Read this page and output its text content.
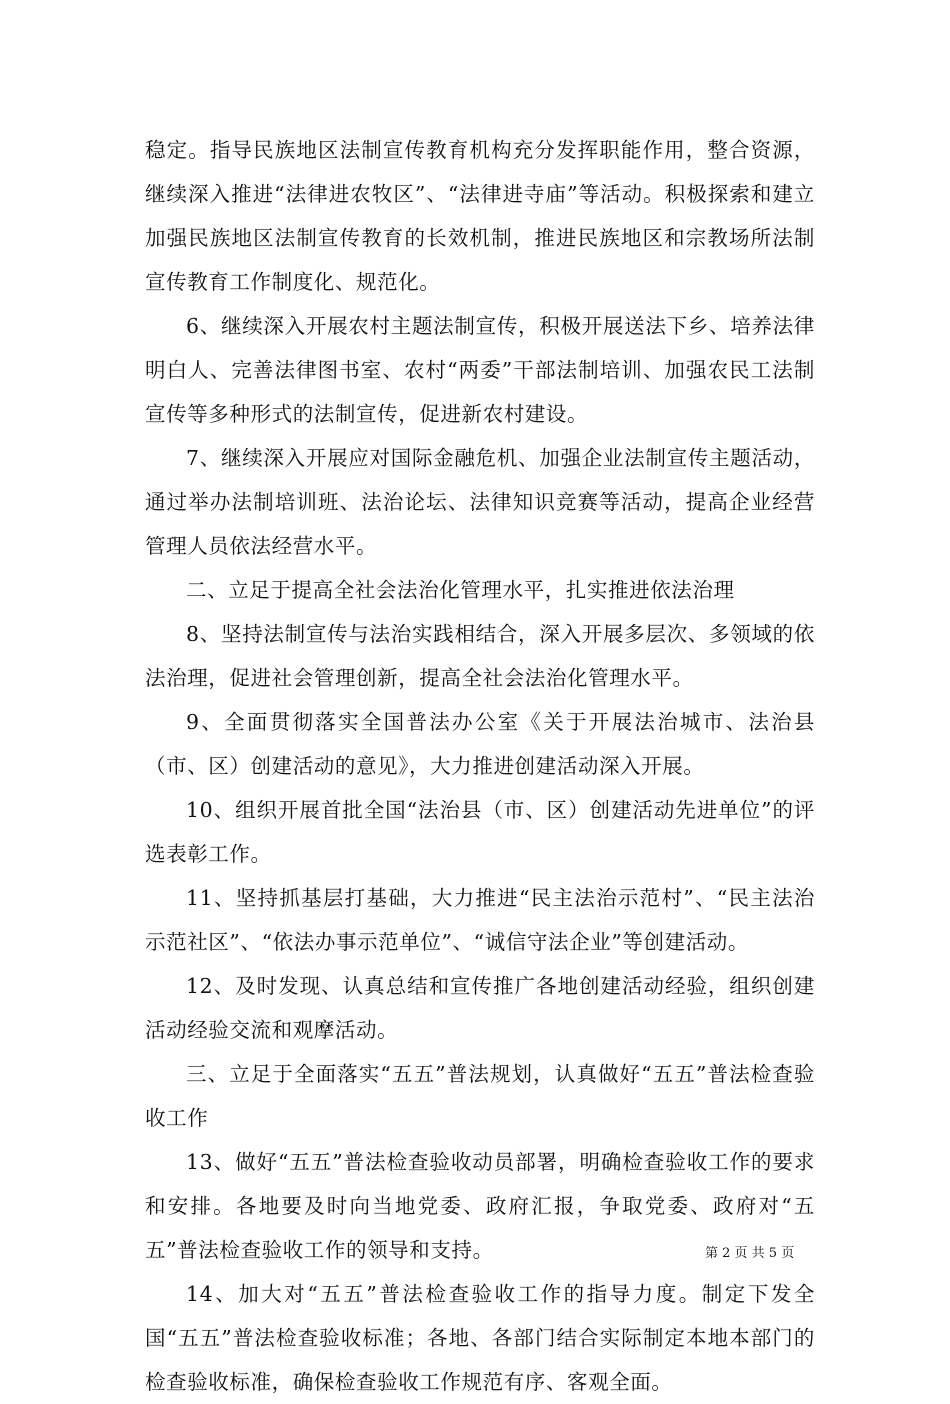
稳定。指导民族地区法制宣传教育机构充分发挥职能作用，整合资源，继续深入推进“法律进农牧区”、“法律进寺庙”等活动。积极探索和建立加强民族地区法制宣传教育的长效机制，推进民族地区和宗教场所法制宣传教育工作制度化、规范化。

6、继续深入开展农村主题法制宣传，积极开展送法下乡、培养法律明白人、完善法律图书室、农村“两委”干部法制培训、加强农民工法制宣传等多种形式的法制宣传，促进新农村建设。

7、继续深入开展应对国际金融危机、加强企业法制宣传主题活动，通过举办法制培训班、法治论坛、法律知识竞赛等活动，提高企业经营管理人员依法经营水平。

二、立足于提高全社会法治化管理水平，扎实推进依法治理

8、坚持法制宣传与法治实践相结合，深入开展多层次、多领域的依法治理，促进社会管理创新，提高全社会法治化管理水平。

9、全面贯彻落实全国普法办公室《关于开展法治城市、法治县（市、区）创建活动的意见》，大力推进创建活动深入开展。

10、组织开展首批全国“法治县（市、区）创建活动先进单位”的评选表彰工作。

11、坚持抓基层打基础，大力推进“民主法治示范村”、“民主法治示范社区”、“依法办事示范单位”、“诚信守法企业”等创建活动。

12、及时发现、认真总结和宣传推广各地创建活动经验，组织创建活动经验交流和观摩活动。

三、立足于全面落实“五五”普法规划，认真做好“五五”普法检查验收工作

13、做好“五五”普法检查验收动员部署，明确检查验收工作的要求和安排。各地要及时向当地党委、政府汇报，争取党委、政府对“五五”普法检查验收工作的领导和支持。

14、加大对“五五”普法检查验收工作的指导力度。制定下发全国“五五”普法检查验收标准；各地、各部门结合实际制定本地本部门的检查验收标准，确保检查验收工作规范有序、客观全面。

第 2 页 共 5 页
